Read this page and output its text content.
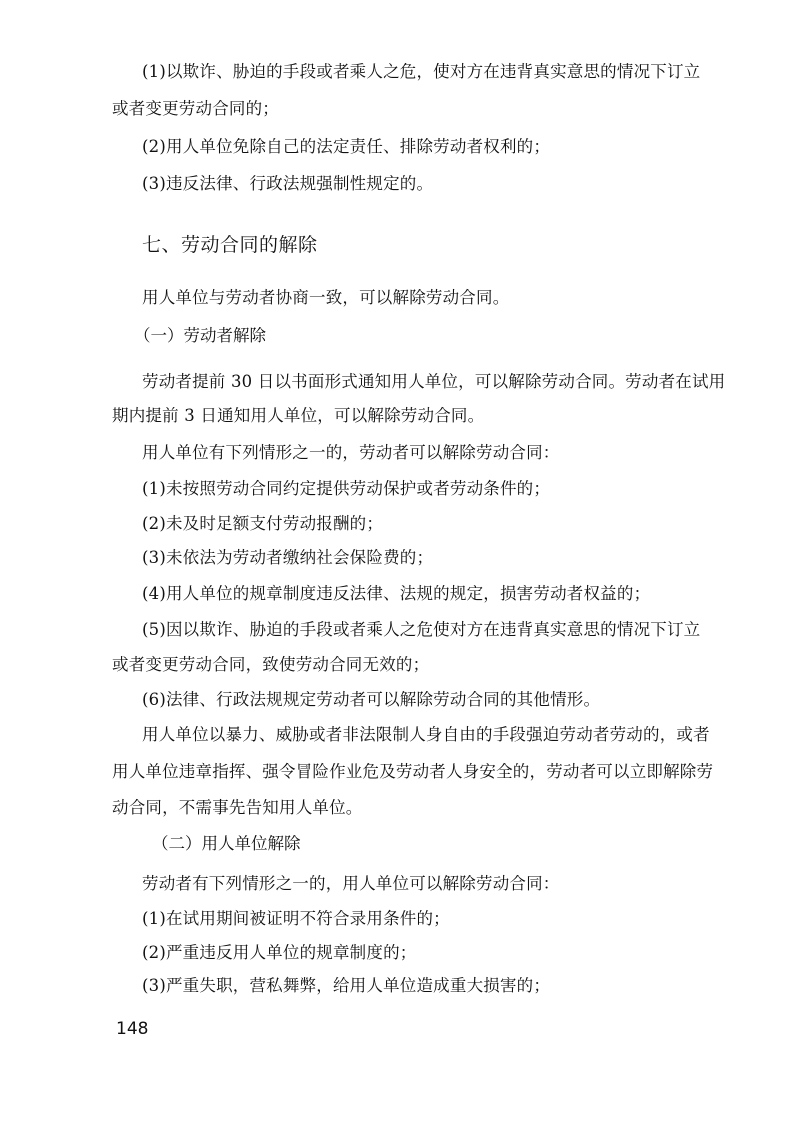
(1)以欺诈、胁迫的手段或者乘人之危，使对方在违背真实意思的情况下订立
或者变更劳动合同的；
(2)用人单位免除自己的法定责任、排除劳动者权利的；
(3)违反法律、行政法规强制性规定的。
七、劳动合同的解除
用人单位与劳动者协商一致，可以解除劳动合同。
（一）劳动者解除
劳动者提前 30 日以书面形式通知用人单位，可以解除劳动合同。劳动者在试用
期内提前 3 日通知用人单位，可以解除劳动合同。
用人单位有下列情形之一的，劳动者可以解除劳动合同：
(1)未按照劳动合同约定提供劳动保护或者劳动条件的；
(2)未及时足额支付劳动报酬的；
(3)未依法为劳动者缴纳社会保险费的；
(4)用人单位的规章制度违反法律、法规的规定，损害劳动者权益的；
(5)因以欺诈、胁迫的手段或者乘人之危使对方在违背真实意思的情况下订立
或者变更劳动合同，致使劳动合同无效的；
(6)法律、行政法规规定劳动者可以解除劳动合同的其他情形。
用人单位以暴力、威胁或者非法限制人身自由的手段强迫劳动者劳动的，或者
用人单位违章指挥、强令冒险作业危及劳动者人身安全的，劳动者可以立即解除劳
动合同，不需事先告知用人单位。
（二）用人单位解除
劳动者有下列情形之一的，用人单位可以解除劳动合同：
(1)在试用期间被证明不符合录用条件的；
(2)严重违反用人单位的规章制度的；
(3)严重失职，营私舞弊，给用人单位造成重大损害的；
148
